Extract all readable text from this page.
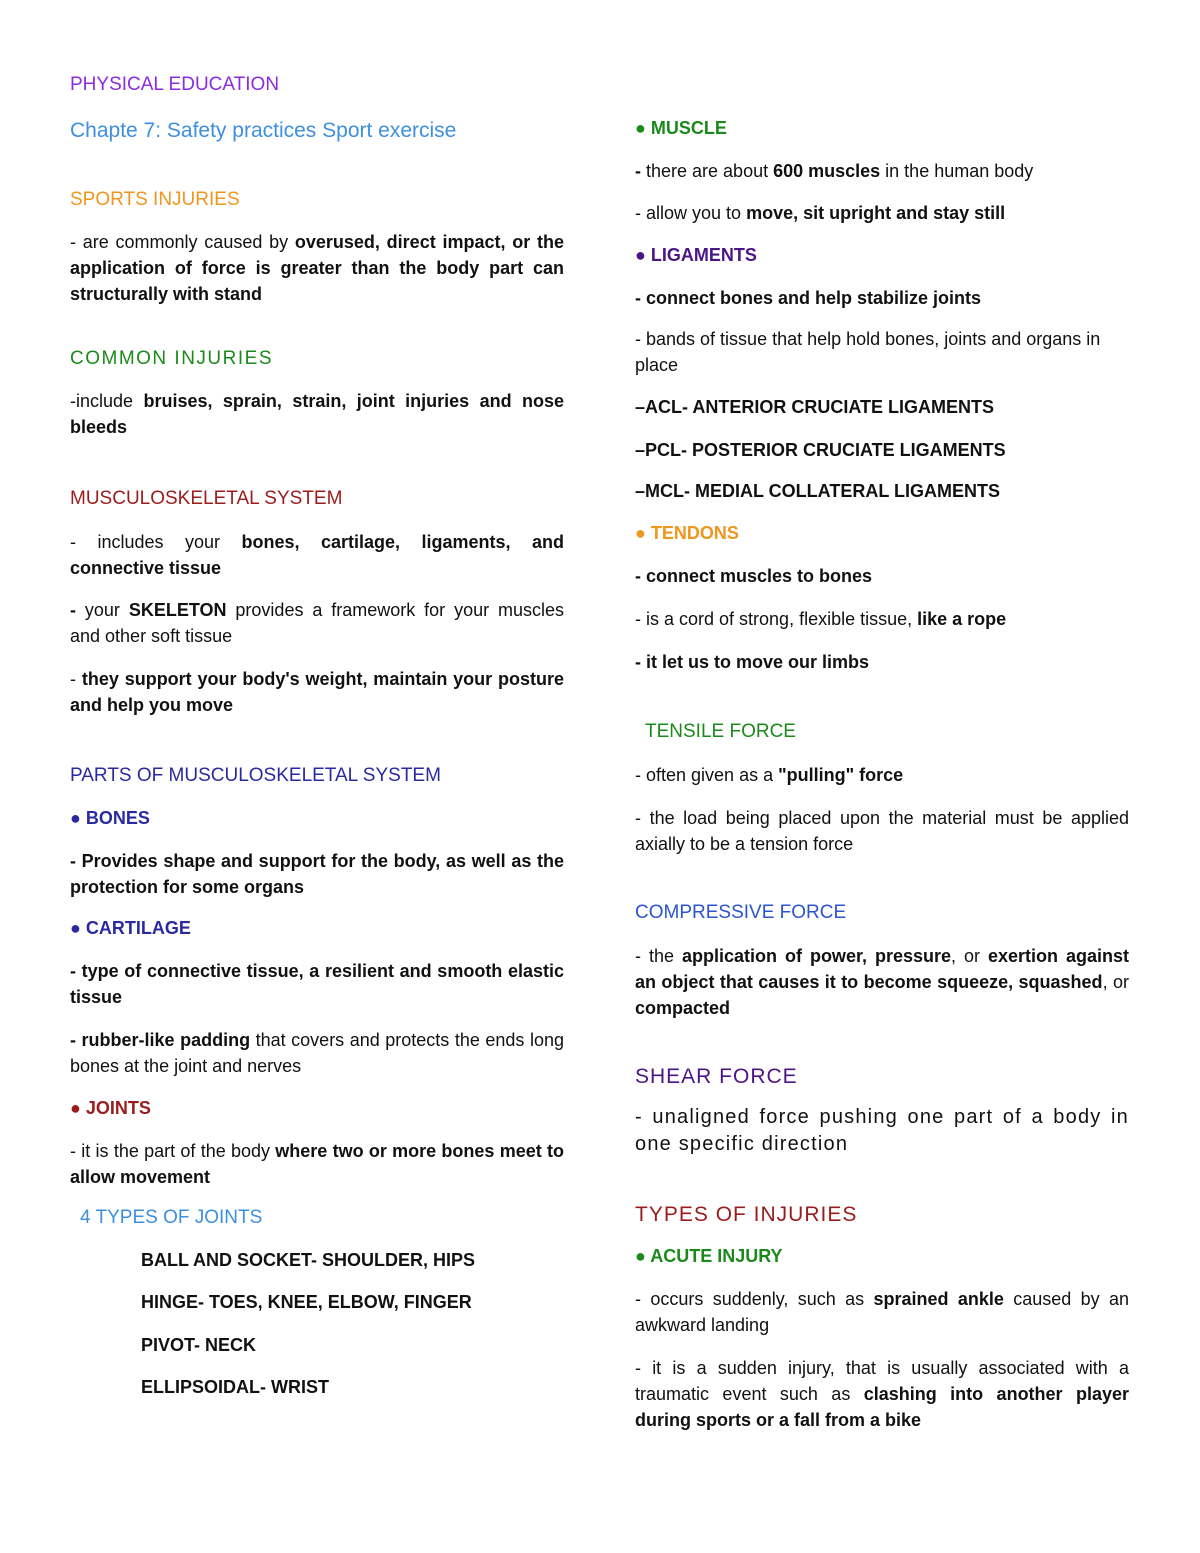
PHYSICAL EDUCATION
Chapte 7: Safety practices Sport exercise
SPORTS INJURIES

- are commonly caused by overused, direct impact, or the application of force is greater than the body part can structurally with stand

COMMON INJURIES

-include bruises, sprain, strain, joint injuries and nose bleeds

MUSCULOSKELETAL SYSTEM

- includes your bones, cartilage, ligaments, and connective tissue

- your SKELETON provides a framework for your muscles and other soft tissue

- they support your body's weight, maintain your posture and help you move

PARTS OF MUSCULOSKELETAL SYSTEM
● BONES

- Provides shape and support for the body, as well as the protection for some organs

● CARTILAGE

- type of connective tissue, a resilient and smooth elastic tissue

- rubber-like padding that covers and protects the ends long bones at the joint and nerves

● JOINTS

- it is the part of the body where two or more bones meet to allow movement

4 TYPES OF JOINTS
BALL AND SOCKET- SHOULDER, HIPS
HINGE- TOES, KNEE, ELBOW, FINGER
PIVOT- NECK
ELLIPSOIDAL- WRIST
● MUSCLE

- there are about 600 muscles in the human body

- allow you to move, sit upright and stay still

● LIGAMENTS

- connect bones and help stabilize joints

- bands of tissue that help hold bones, joints and organs in place

–ACL- ANTERIOR CRUCIATE LIGAMENTS

–PCL- POSTERIOR CRUCIATE LIGAMENTS

–MCL- MEDIAL COLLATERAL LIGAMENTS

● TENDONS

- connect muscles to bones

- is a cord of strong, flexible tissue, like a rope

- it let us to move our limbs

TENSILE FORCE

- often given as a "pulling" force

- the load being placed upon the material must be applied axially to be a tension force

COMPRESSIVE FORCE

- the application of power, pressure, or exertion against an object that causes it to become squeeze, squashed, or compacted

SHEAR FORCE

- unaligned force pushing one part of a body in one specific direction

TYPES OF INJURIES
● ACUTE INJURY

- occurs suddenly, such as sprained ankle caused by an awkward landing

- it is a sudden injury, that is usually associated with a traumatic event such as clashing into another player during sports or a fall from a bike
